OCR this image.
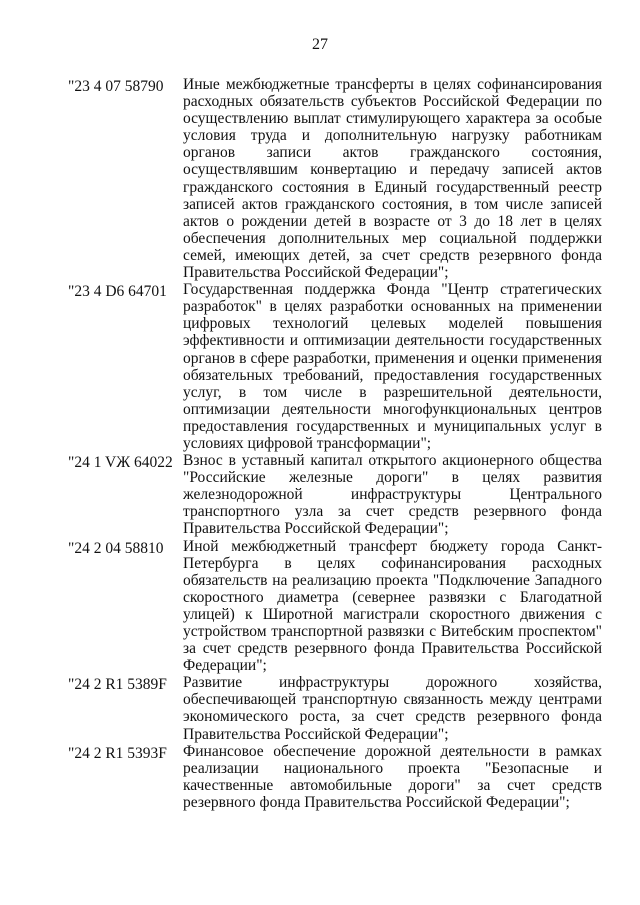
27
"23 4 07 58790 Иные межбюджетные трансферты в целях софинансирования расходных обязательств субъектов Российской Федерации по осуществлению выплат стимулирующего характера за особые условия труда и дополнительную нагрузку работникам органов записи актов гражданского состояния, осуществлявшим конвертацию и передачу записей актов гражданского состояния в Единый государственный реестр записей актов гражданского состояния, в том числе записей актов о рождении детей в возрасте от 3 до 18 лет в целях обеспечения дополнительных мер социальной поддержки семей, имеющих детей, за счет средств резервного фонда Правительства Российской Федерации";
"23 4 D6 64701 Государственная поддержка Фонда "Центр стратегических разработок" в целях разработки основанных на применении цифровых технологий целевых моделей повышения эффективности и оптимизации деятельности государственных органов в сфере разработки, применения и оценки применения обязательных требований, предоставления государственных услуг, в том числе в разрешительной деятельности, оптимизации деятельности многофункциональных центров предоставления государственных и муниципальных услуг в условиях цифровой трансформации";
"24 1 VЖ 64022 Взнос в уставный капитал открытого акционерного общества "Российские железные дороги" в целях развития железнодорожной инфраструктуры Центрального транспортного узла за счет средств резервного фонда Правительства Российской Федерации";
"24 2 04 58810 Иной межбюджетный трансферт бюджету города Санкт-Петербурга в целях софинансирования расходных обязательств на реализацию проекта "Подключение Западного скоростного диаметра (севернее развязки с Благодатной улицей) к Широтной магистрали скоростного движения с устройством транспортной развязки с Витебским проспектом" за счет средств резервного фонда Правительства Российской Федерации";
"24 2 R1 5389F Развитие инфраструктуры дорожного хозяйства, обеспечивающей транспортную связанность между центрами экономического роста, за счет средств резервного фонда Правительства Российской Федерации";
"24 2 R1 5393F Финансовое обеспечение дорожной деятельности в рамках реализации национального проекта "Безопасные и качественные автомобильные дороги" за счет средств резервного фонда Правительства Российской Федерации";
